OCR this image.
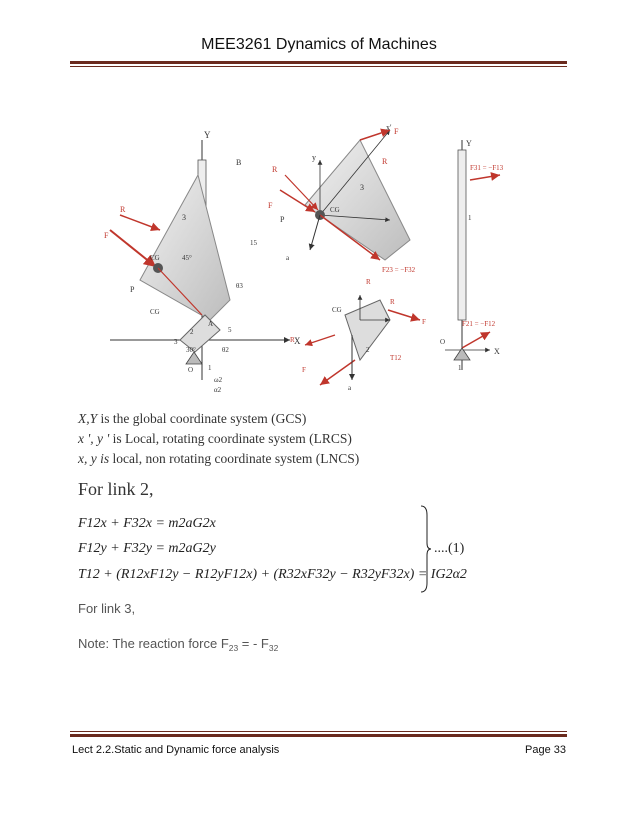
MEE3261 Dynamics of Machines
Y
X
B
3
R
F
P
CG	45°
15
θ3
CG
2
A
30°	θ2
5
3
O 1
ω2
α2
x'
y
F
R
3
CG
R
F
P
a
F23 = −F32
R
CG
R
F
R
F
T12
2
a
Y
F31 = −F13
1
F21 = −F12
X
O
1
X,Y is the global coordinate system (GCS)
x ', y ' is Local, rotating coordinate system (LRCS)
x, y is local, non rotating coordinate system (LNCS)
For link 2,
F12x + F32x = m2aG2x
F12y + F32y = m2aG2y
T12 + (R12xF12y − R12yF12x) + (R32xF32y − R32yF32x) = IG2α2
....(1)
For link 3,
Note: The reaction force $F_{23}$ = - $F_{32}$
Lect 2.2.Static and Dynamic force analysis	Page 33
